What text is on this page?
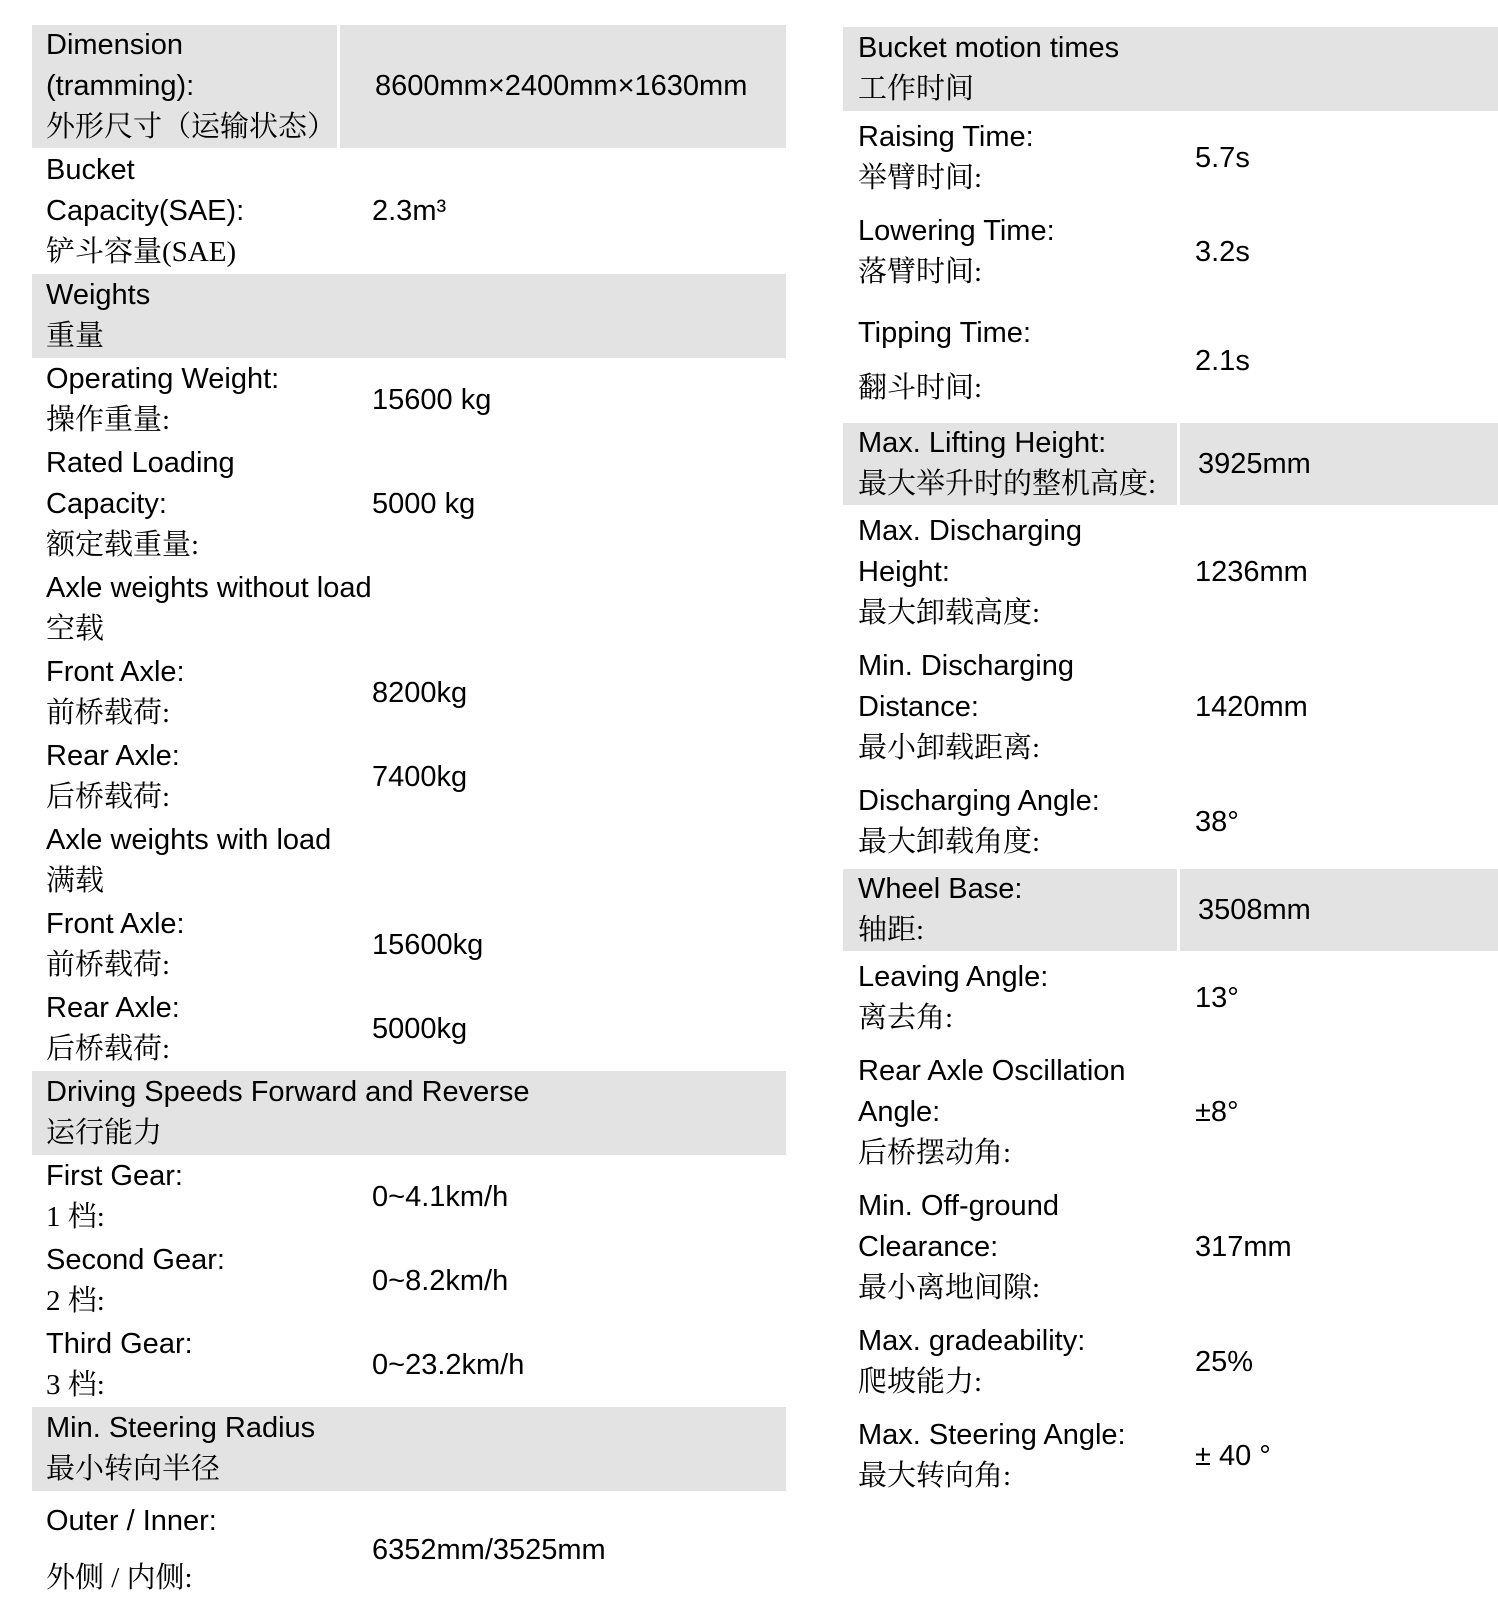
Dimension (tramming):
外形尺寸（运输状态）
8600mm×2400mm×1630mm
Bucket Capacity(SAE):
铲斗容量(SAE)
2.3m³
Weights
重量
Operating Weight:
操作重量:
15600 kg
Rated Loading Capacity:
额定载重量:
5000 kg
Axle weights without load
空载
Front Axle:
前桥载荷:
8200kg
Rear Axle:
后桥载荷:
7400kg
Axle weights with load
满载
Front Axle:
前桥载荷:
15600kg
Rear Axle:
后桥载荷:
5000kg
Driving Speeds Forward and Reverse
运行能力
First Gear:
1 档:
0~4.1km/h
Second Gear:
2 档:
0~8.2km/h
Third Gear:
3 档:
0~23.2km/h
Min. Steering Radius
最小转向半径
Outer / Inner:
外侧 / 内侧:
6352mm/3525mm
Bucket motion times
工作时间
Raising Time:
举臂时间:
5.7s
Lowering Time:
落臂时间:
3.2s
Tipping Time:
翻斗时间:
2.1s
Max. Lifting Height:
最大举升时的整机高度:
3925mm
Max. Discharging Height:
最大卸载高度:
1236mm
Min. Discharging Distance:
最小卸载距离:
1420mm
Discharging Angle:
最大卸载角度:
38°
Wheel Base:
轴距:
3508mm
Leaving Angle:
离去角:
13°
Rear Axle Oscillation Angle:
后桥摆动角:
±8°
Min. Off-ground Clearance:
最小离地间隙:
317mm
Max. gradeability:
爬坡能力:
25%
Max. Steering Angle:
最大转向角:
± 40 °
